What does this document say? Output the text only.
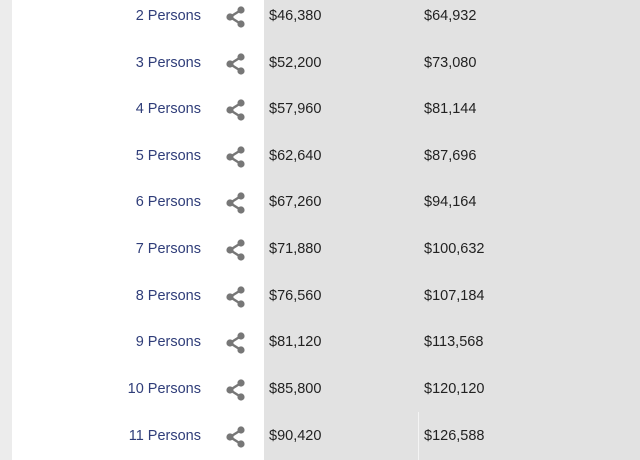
2 Persons	$46,380	$64,932
3 Persons	$52,200	$73,080
4 Persons	$57,960	$81,144
5 Persons	$62,640	$87,696
6 Persons	$67,260	$94,164
7 Persons	$71,880	$100,632
8 Persons	$76,560	$107,184
9 Persons	$81,120	$113,568
10 Persons	$85,800	$120,120
11 Persons	$90,420	$126,588
